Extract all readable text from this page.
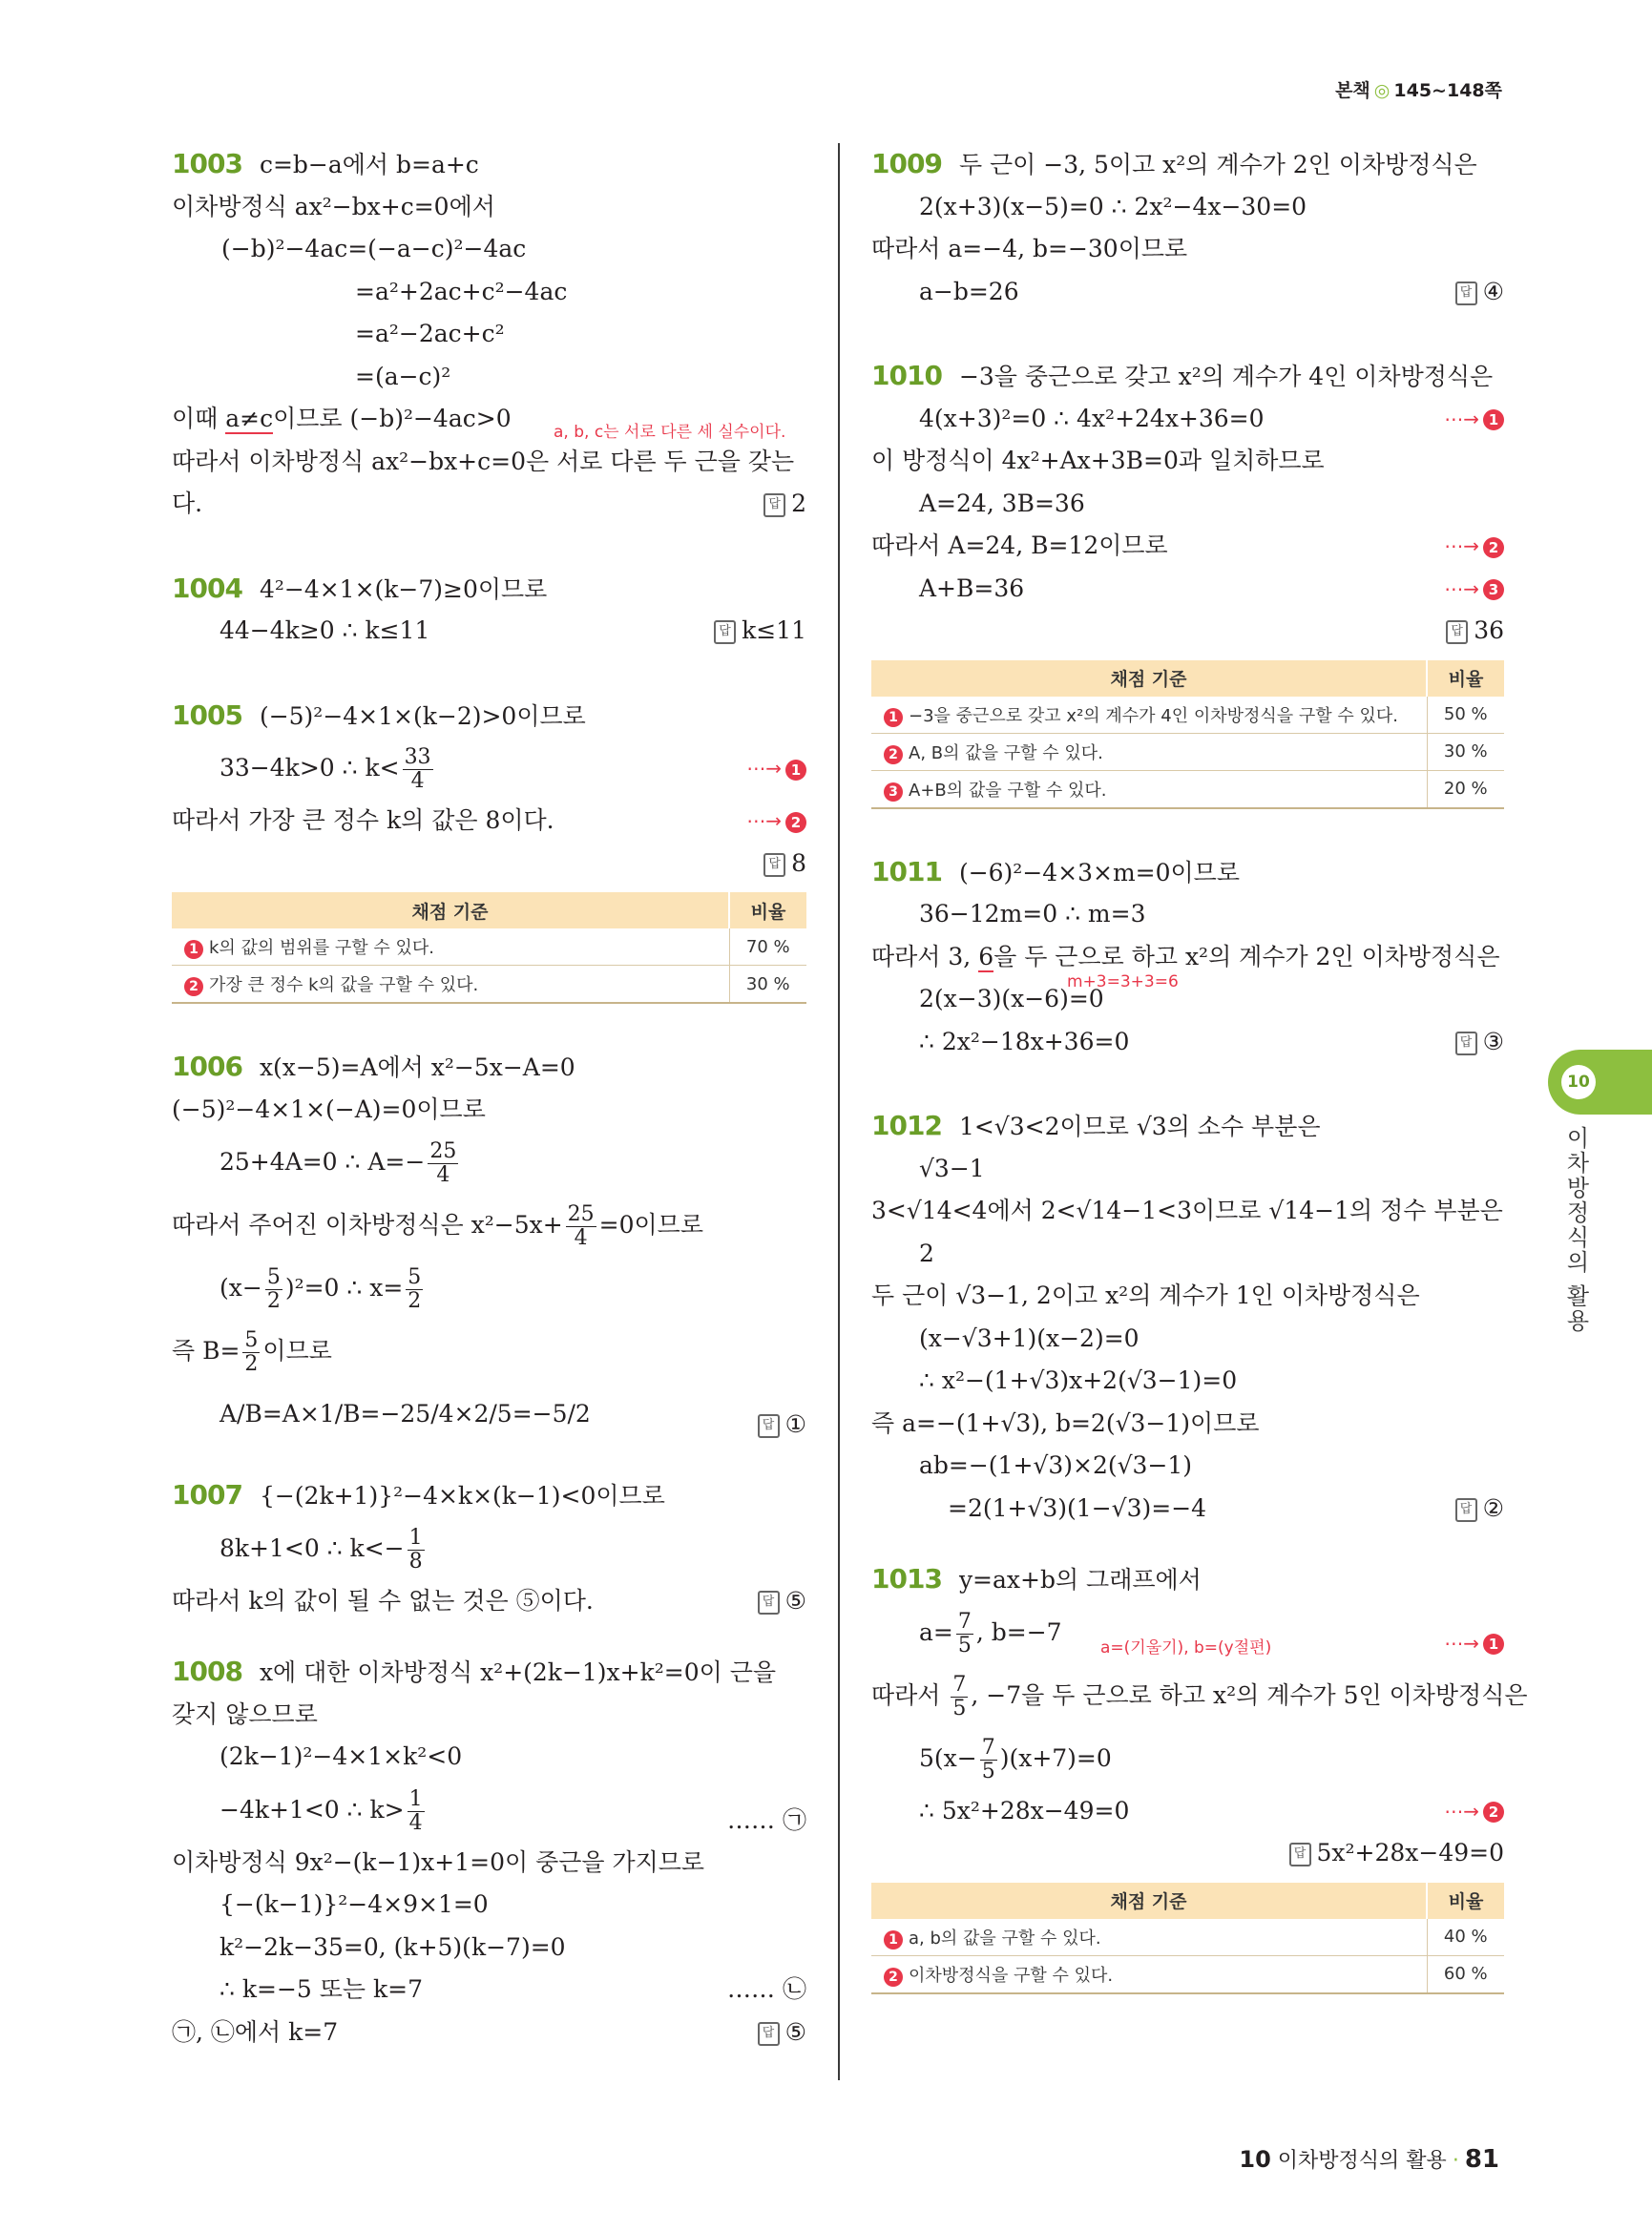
본책 ◎ 145~148쪽
1003 c=b−a에서 b=a+c
이차방정식 ax²−bx+c=0에서
(−b)²−4ac=(−a−c)²−4ac
=a²+2ac+c²−4ac
=a²−2ac+c²
=(a−c)²
이때 a≠c이므로 (−b)²−4ac>0	a, b, c는 서로 다른 세 실수이다.
따라서 이차방정식 ax²−bx+c=0은 서로 다른 두 근을 갖는
다.	답 2
1004 4²−4×1×(k−7)≥0이므로
44−4k≥0 ∴ k≤11	답 k≤11
1005 (−5)²−4×1×(k−2)>0이므로
33−4k>0 ∴ $k< \frac{33}{4}$	⋯→ 1
따라서 가장 큰 정수 k의 값은 8이다.	⋯→ 2
답 8
채점 기준	비율
1 k의 값의 범위를 구할 수 있다.	70 %
2 가장 큰 정수 k의 값을 구할 수 있다.	30 %
1006 x(x−5)=A에서 x²−5x−A=0
(−5)²−4×1×(−A)=0이므로
25+4A=0 ∴ $A=- \frac{25}{4}$
따라서 주어진 이차방정식은 $x^2-5x+ \frac{25}{4} =0$이므로
$(x- \frac{5}{2} )^2=0$ ∴ $x= \frac{5}{2}$
즉 $B= \frac{5}{2}$ 이므로
A/B=A×1/B=−25/4×2/5=−5/2	답 ①
1007 {−(2k+1)}²−4×k×(k−1)<0이므로
8k+1<0 ∴ $k<- \frac{1}{8}$
따라서 k의 값이 될 수 없는 것은 ⑤이다.	답 ⑤
1008 x에 대한 이차방정식 x²+(2k−1)x+k²=0이 근을
갖지 않으므로
(2k−1)²−4×1×k²<0
−4k+1<0 ∴ $k> \frac{1}{4}$	…… ㉠
이차방정식 9x²−(k−1)x+1=0이 중근을 가지므로
{−(k−1)}²−4×9×1=0
k²−2k−35=0, (k+5)(k−7)=0
∴ k=−5 또는 k=7	…… ㉡
㉠, ㉡에서 k=7	답 ⑤
1009 두 근이 −3, 5이고 x²의 계수가 2인 이차방정식은
2(x+3)(x−5)=0 ∴ 2x²−4x−30=0
따라서 a=−4, b=−30이므로
a−b=26	답 ④
1010 −3을 중근으로 갖고 x²의 계수가 4인 이차방정식은
4(x+3)²=0 ∴ 4x²+24x+36=0	⋯→ 1
이 방정식이 4x²+Ax+3B=0과 일치하므로
A=24, 3B=36
따라서 A=24, B=12이므로	⋯→ 2
A+B=36	⋯→ 3
답 36
채점 기준	비율
1 −3을 중근으로 갖고 x²의 계수가 4인 이차방정식을 구할 수 있다.	50 %
2 A, B의 값을 구할 수 있다.	30 %
3 A+B의 값을 구할 수 있다.	20 %
1011 (−6)²−4×3×m=0이므로
36−12m=0 ∴ m=3
따라서 3, 6을 두 근으로 하고 x²의 계수가 2인 이차방정식은
m+3=3+3=6
2(x−3)(x−6)=0
∴ 2x²−18x+36=0	답 ③
1012 1<√3<2이므로 √3의 소수 부분은
√3−1
3<√14<4에서 2<√14−1<3이므로 √14−1의 정수 부분은
2
두 근이 √3−1, 2이고 x²의 계수가 1인 이차방정식은
(x−√3+1)(x−2)=0
∴ x²−(1+√3)x+2(√3−1)=0
즉 a=−(1+√3), b=2(√3−1)이므로
ab=−(1+√3)×2(√3−1)
=2(1+√3)(1−√3)=−4	답 ②
1013 y=ax+b의 그래프에서
$a= \frac{7}{5}$ , b=−7
a=(기울기), b=(y절편)	⋯→ 1
따라서 $\frac{7}{5}$ , −7을 두 근으로 하고 x²의 계수가 5인 이차방정식은
$5(x- \frac{7}{5} )(x+7)=0$
∴ 5x²+28x−49=0	⋯→ 2
답 5x²+28x−49=0
채점 기준	비율
1 a, b의 값을 구할 수 있다.	40 %
2 이차방정식을 구할 수 있다.	60 %
10
이차방정식의 활용
10 이차방정식의 활용 · 81
